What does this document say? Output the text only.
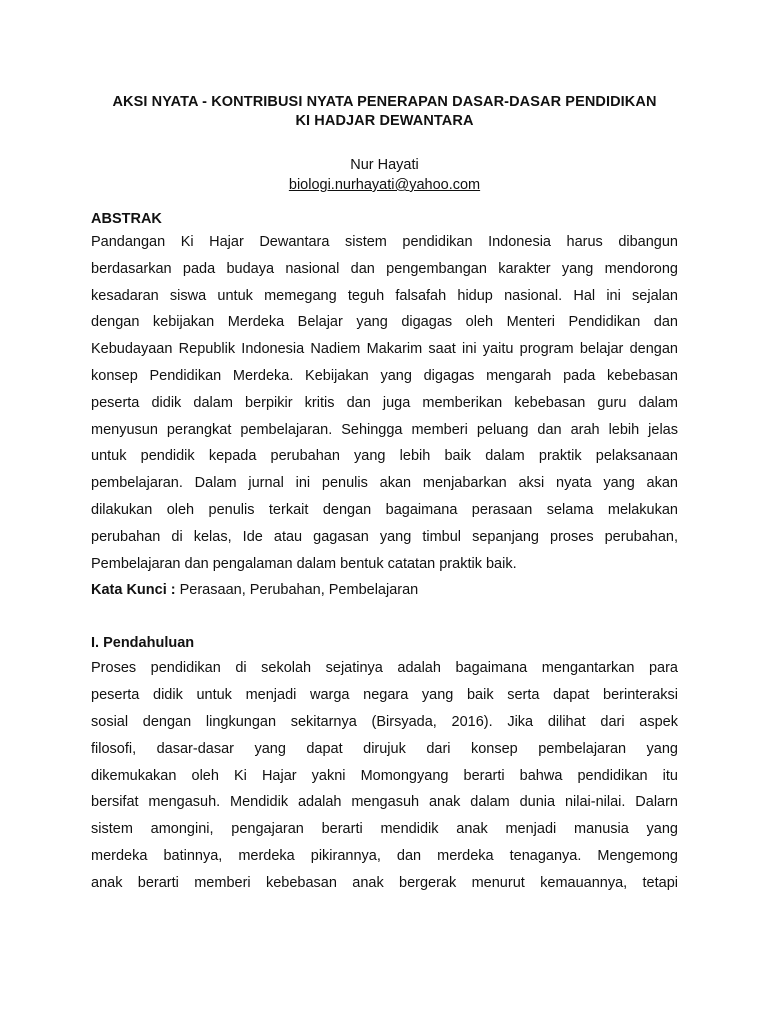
AKSI NYATA - KONTRIBUSI NYATA PENERAPAN DASAR-DASAR PENDIDIKAN
KI HADJAR DEWANTARA
Nur Hayati
biologi.nurhayati@yahoo.com
ABSTRAK
Pandangan Ki Hajar Dewantara sistem pendidikan Indonesia harus dibangun
berdasarkan pada budaya nasional dan pengembangan karakter yang mendorong
kesadaran siswa untuk memegang teguh falsafah hidup nasional. Hal ini sejalan
dengan kebijakan Merdeka Belajar yang digagas oleh Menteri Pendidikan dan
Kebudayaan Republik Indonesia Nadiem Makarim saat ini yaitu program belajar dengan
konsep Pendidikan Merdeka. Kebijakan yang digagas mengarah pada kebebasan
peserta didik dalam berpikir kritis dan juga memberikan kebebasan guru dalam
menyusun perangkat pembelajaran. Sehingga memberi peluang dan arah lebih jelas
untuk pendidik kepada perubahan yang lebih baik dalam praktik pelaksanaan
pembelajaran. Dalam jurnal ini penulis akan menjabarkan aksi nyata yang akan
dilakukan oleh penulis terkait dengan bagaimana perasaan selama melakukan
perubahan di kelas, Ide atau gagasan yang timbul sepanjang proses perubahan,
Pembelajaran dan pengalaman dalam bentuk catatan praktik baik.
Kata Kunci : Perasaan, Perubahan, Pembelajaran
I. Pendahuluan
Proses pendidikan di sekolah sejatinya adalah bagaimana mengantarkan para
peserta didik untuk menjadi warga negara yang baik serta dapat berinteraksi
sosial dengan lingkungan sekitarnya (Birsyada, 2016). Jika dilihat dari aspek
filosofi, dasar-dasar yang dapat dirujuk dari konsep pembelajaran yang
dikemukakan oleh Ki Hajar yakni Momongyang berarti bahwa pendidikan itu
bersifat mengasuh. Mendidik adalah mengasuh anak dalam dunia nilai-nilai. Dalarn
sistem amongini, pengajaran berarti mendidik anak menjadi manusia yang
merdeka batinnya, merdeka pikirannya, dan merdeka tenaganya. Mengemong
anak berarti memberi kebebasan anak bergerak menurut kemauannya, tetapi
